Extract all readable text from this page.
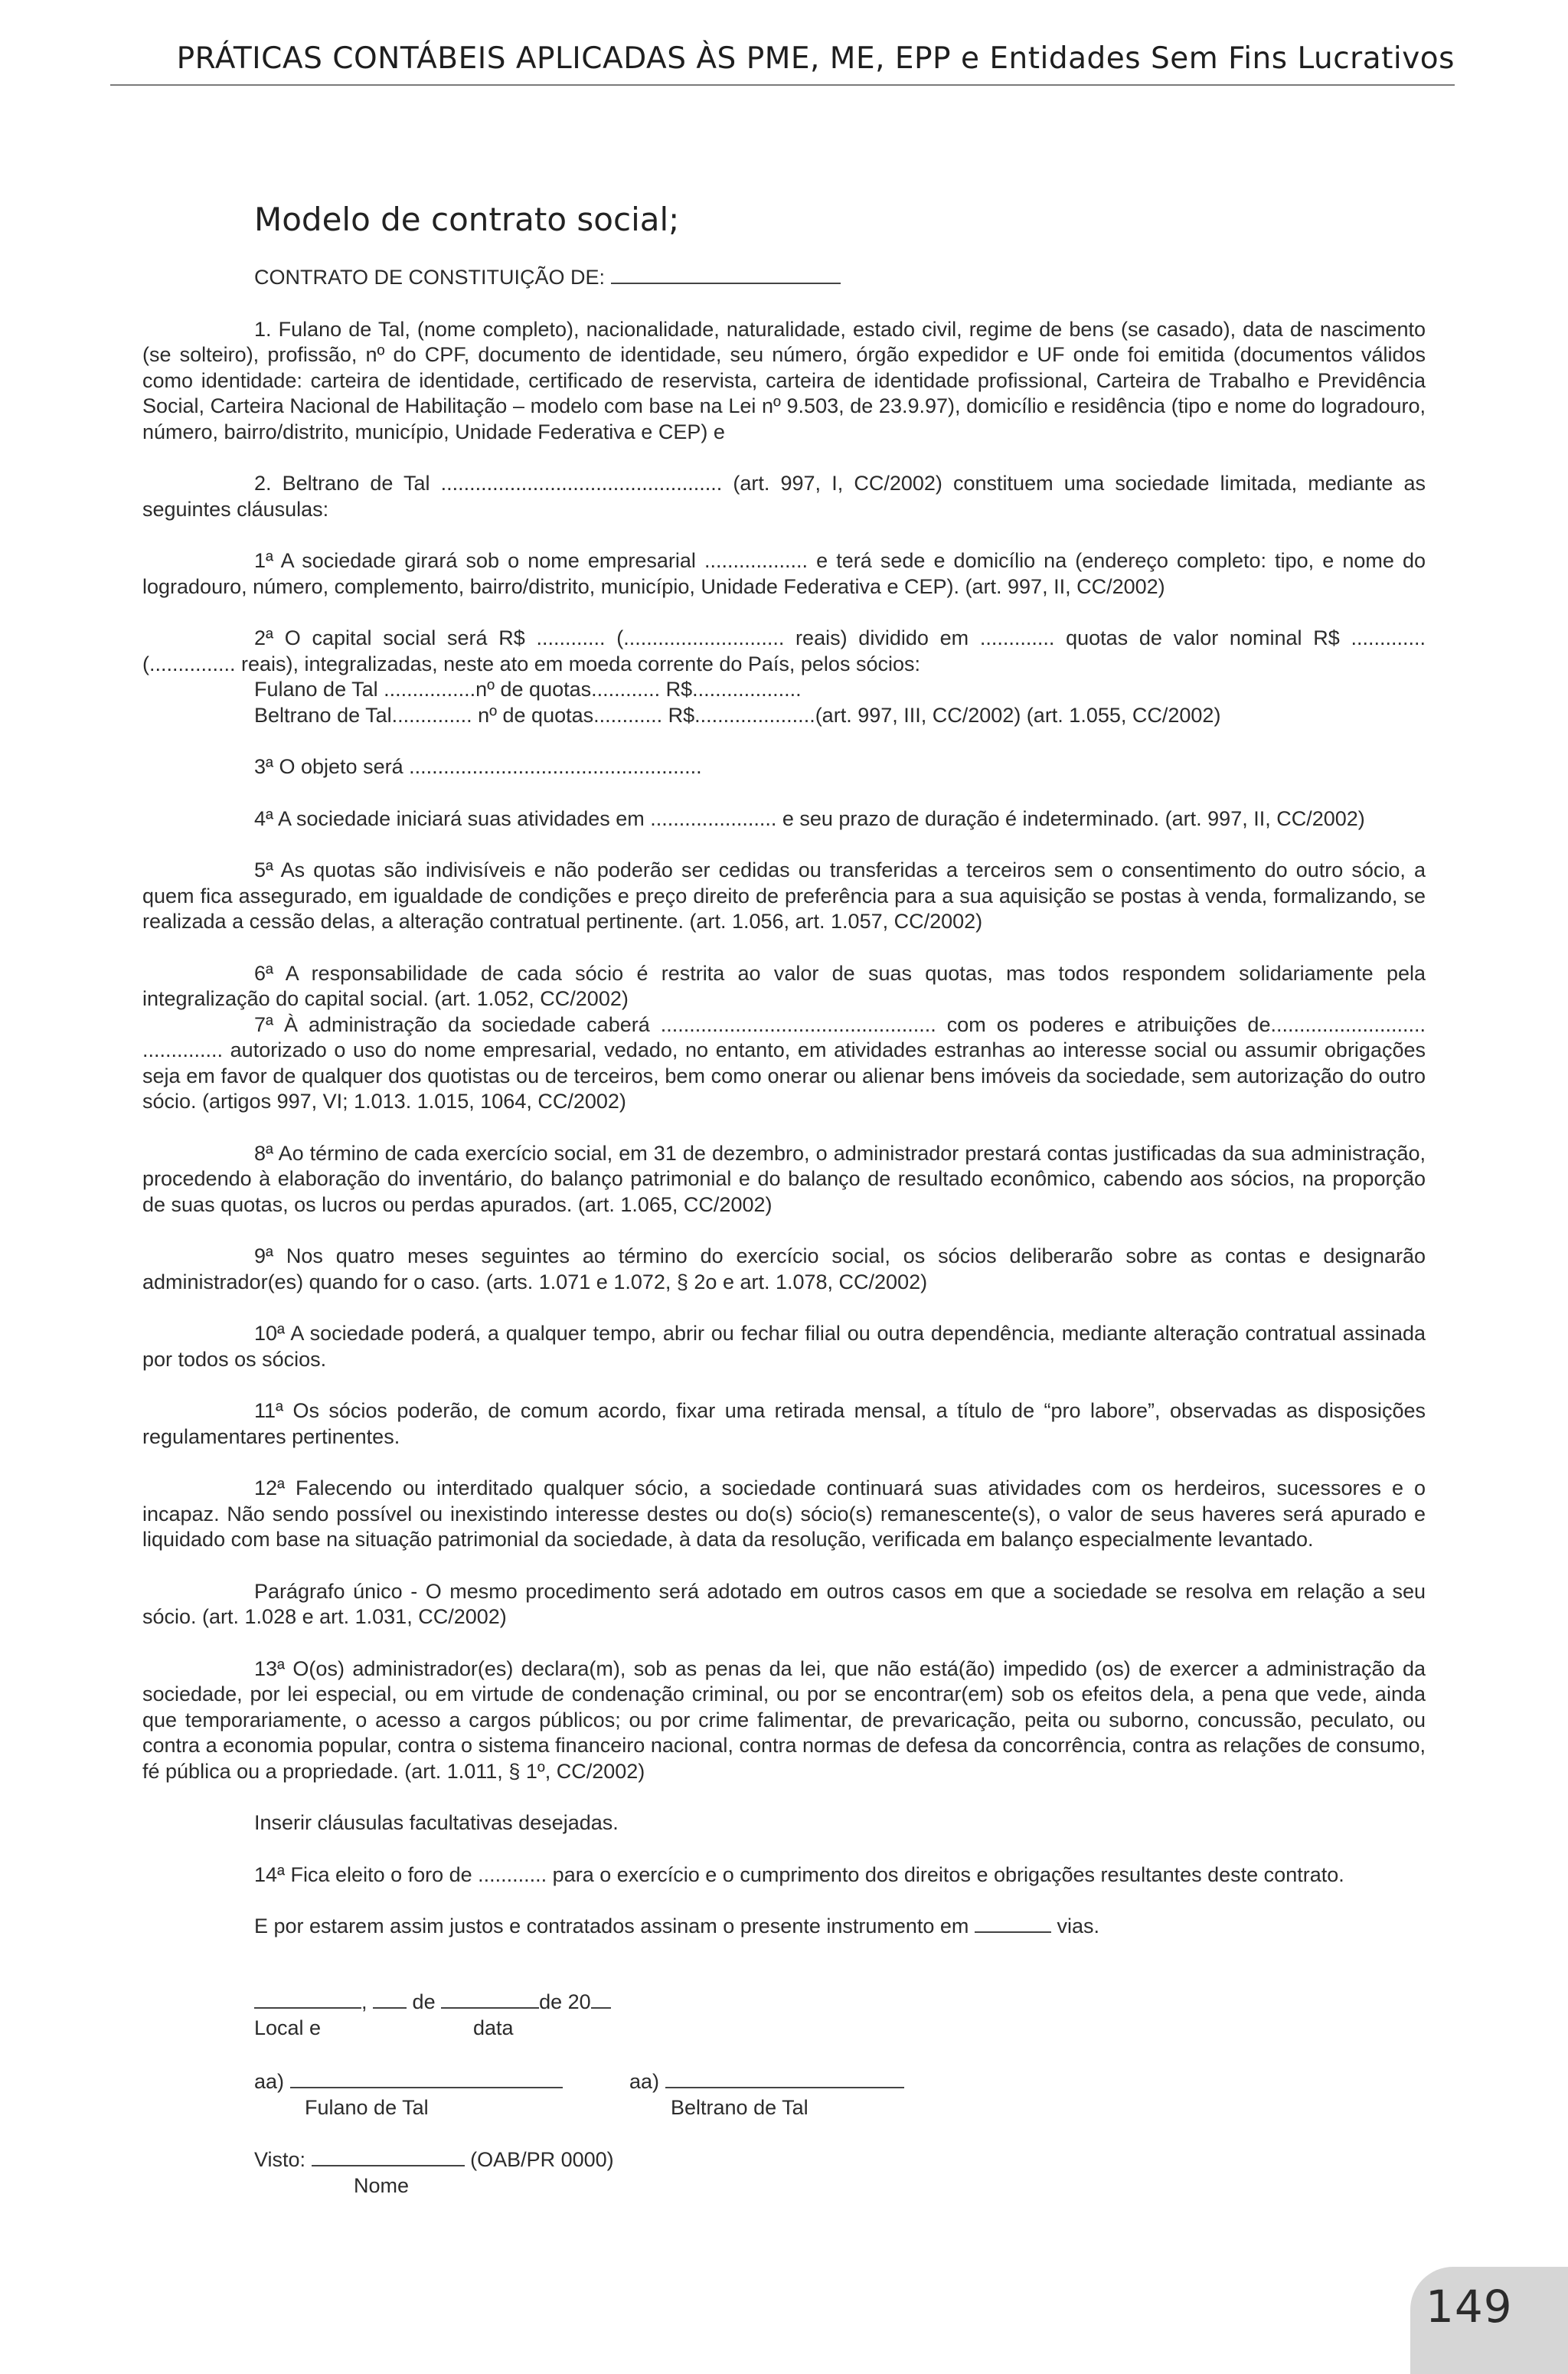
PRÁTICAS CONTÁBEIS APLICADAS ÀS PME, ME, EPP e Entidades Sem Fins Lucrativos
Modelo de contrato social;

CONTRATO DE CONSTITUIÇÃO DE:

1. Fulano de Tal, (nome completo), nacionalidade, naturalidade, estado civil, regime de bens (se casado), data de nascimento (se solteiro), profissão, nº do CPF, documento de identidade, seu número, órgão expedidor e UF onde foi emitida (documentos válidos como identidade: carteira de identidade, certificado de reservista, carteira de identidade profissional, Carteira de Trabalho e Previdência Social, Carteira Nacional de Habilitação – modelo com base na Lei nº 9.503, de 23.9.97), domicílio e residência (tipo e nome do logradouro, número, bairro/distrito, município, Unidade Federativa e CEP) e

2. Beltrano de Tal ................................................. (art. 997, I, CC/2002) constituem uma sociedade limitada, mediante as seguintes cláusulas:

1ª A sociedade girará sob o nome empresarial .................. e terá sede e domicílio na (endereço completo: tipo, e nome do logradouro, número, complemento, bairro/distrito, município, Unidade Federativa e CEP). (art. 997, II, CC/2002)

2ª O capital social será R$ ............ (............................ reais) dividido em ............. quotas de valor nominal R$ ............. (............... reais), integralizadas, neste ato em moeda corrente do País, pelos sócios:

Fulano de Tal ................nº de quotas............ R$...................

Beltrano de Tal.............. nº de quotas............ R$.....................(art. 997, III, CC/2002) (art. 1.055, CC/2002)

3ª O objeto será ...................................................

4ª A sociedade iniciará suas atividades em ...................... e seu prazo de duração é indeterminado. (art. 997, II, CC/2002)

5ª As quotas são indivisíveis e não poderão ser cedidas ou transferidas a terceiros sem o consentimento do outro sócio, a quem fica assegurado, em igualdade de condições e preço direito de preferência para a sua aquisição se postas à venda, formalizando, se realizada a cessão delas, a alteração contratual pertinente. (art. 1.056, art. 1.057, CC/2002)

6ª A responsabilidade de cada sócio é restrita ao valor de suas quotas, mas todos respondem solidariamente pela integralização do capital social. (art. 1.052, CC/2002)

7ª À administração da sociedade caberá ................................................ com os poderes e atribuições de........................... .............. autorizado o uso do nome empresarial, vedado, no entanto, em atividades estranhas ao interesse social ou assumir obrigações seja em favor de qualquer dos quotistas ou de terceiros, bem como onerar ou alienar bens imóveis da sociedade, sem autorização do outro sócio. (artigos 997, VI; 1.013. 1.015, 1064, CC/2002)

8ª Ao término de cada exercício social, em 31 de dezembro, o administrador prestará contas justificadas da sua administração, procedendo à elaboração do inventário, do balanço patrimonial e do balanço de resultado econômico, cabendo aos sócios, na proporção de suas quotas, os lucros ou perdas apurados. (art. 1.065, CC/2002)

9ª Nos quatro meses seguintes ao término do exercício social, os sócios deliberarão sobre as contas e designarão administrador(es) quando for o caso. (arts. 1.071 e 1.072, § 2o e art. 1.078, CC/2002)

10ª A sociedade poderá, a qualquer tempo, abrir ou fechar filial ou outra dependência, mediante alteração contratual assinada por todos os sócios.

11ª Os sócios poderão, de comum acordo, fixar uma retirada mensal, a título de “pro labore”, observadas as disposições regulamentares pertinentes.

12ª Falecendo ou interditado qualquer sócio, a sociedade continuará suas atividades com os herdeiros, sucessores e o incapaz. Não sendo possível ou inexistindo interesse destes ou do(s) sócio(s) remanescente(s), o valor de seus haveres será apurado e liquidado com base na situação patrimonial da sociedade, à data da resolução, verificada em balanço especialmente levantado.

Parágrafo único - O mesmo procedimento será adotado em outros casos em que a sociedade se resolva em relação a seu sócio. (art. 1.028 e art. 1.031, CC/2002)

13ª O(os) administrador(es) declara(m), sob as penas da lei, que não está(ão) impedido (os) de exercer a administração da sociedade, por lei especial, ou em virtude de condenação criminal, ou por se encontrar(em) sob os efeitos dela, a pena que vede, ainda que temporariamente, o acesso a cargos públicos; ou por crime falimentar, de prevaricação, peita ou suborno, concussão, peculato, ou contra a economia popular, contra o sistema financeiro nacional, contra normas de defesa da concorrência, contra as relações de consumo, fé pública ou a propriedade. (art. 1.011, § 1º, CC/2002)

Inserir cláusulas facultativas desejadas.

14ª Fica eleito o foro de ............ para o exercício e o cumprimento dos direitos e obrigações resultantes deste contrato.

E por estarem assim justos e contratados assinam o presente instrumento em	vias.

, de	de 20
Local e	data
aa)
Fulano de Tal
aa)
Beltrano de Tal
Visto:	(OAB/PR 0000)
Nome
149
